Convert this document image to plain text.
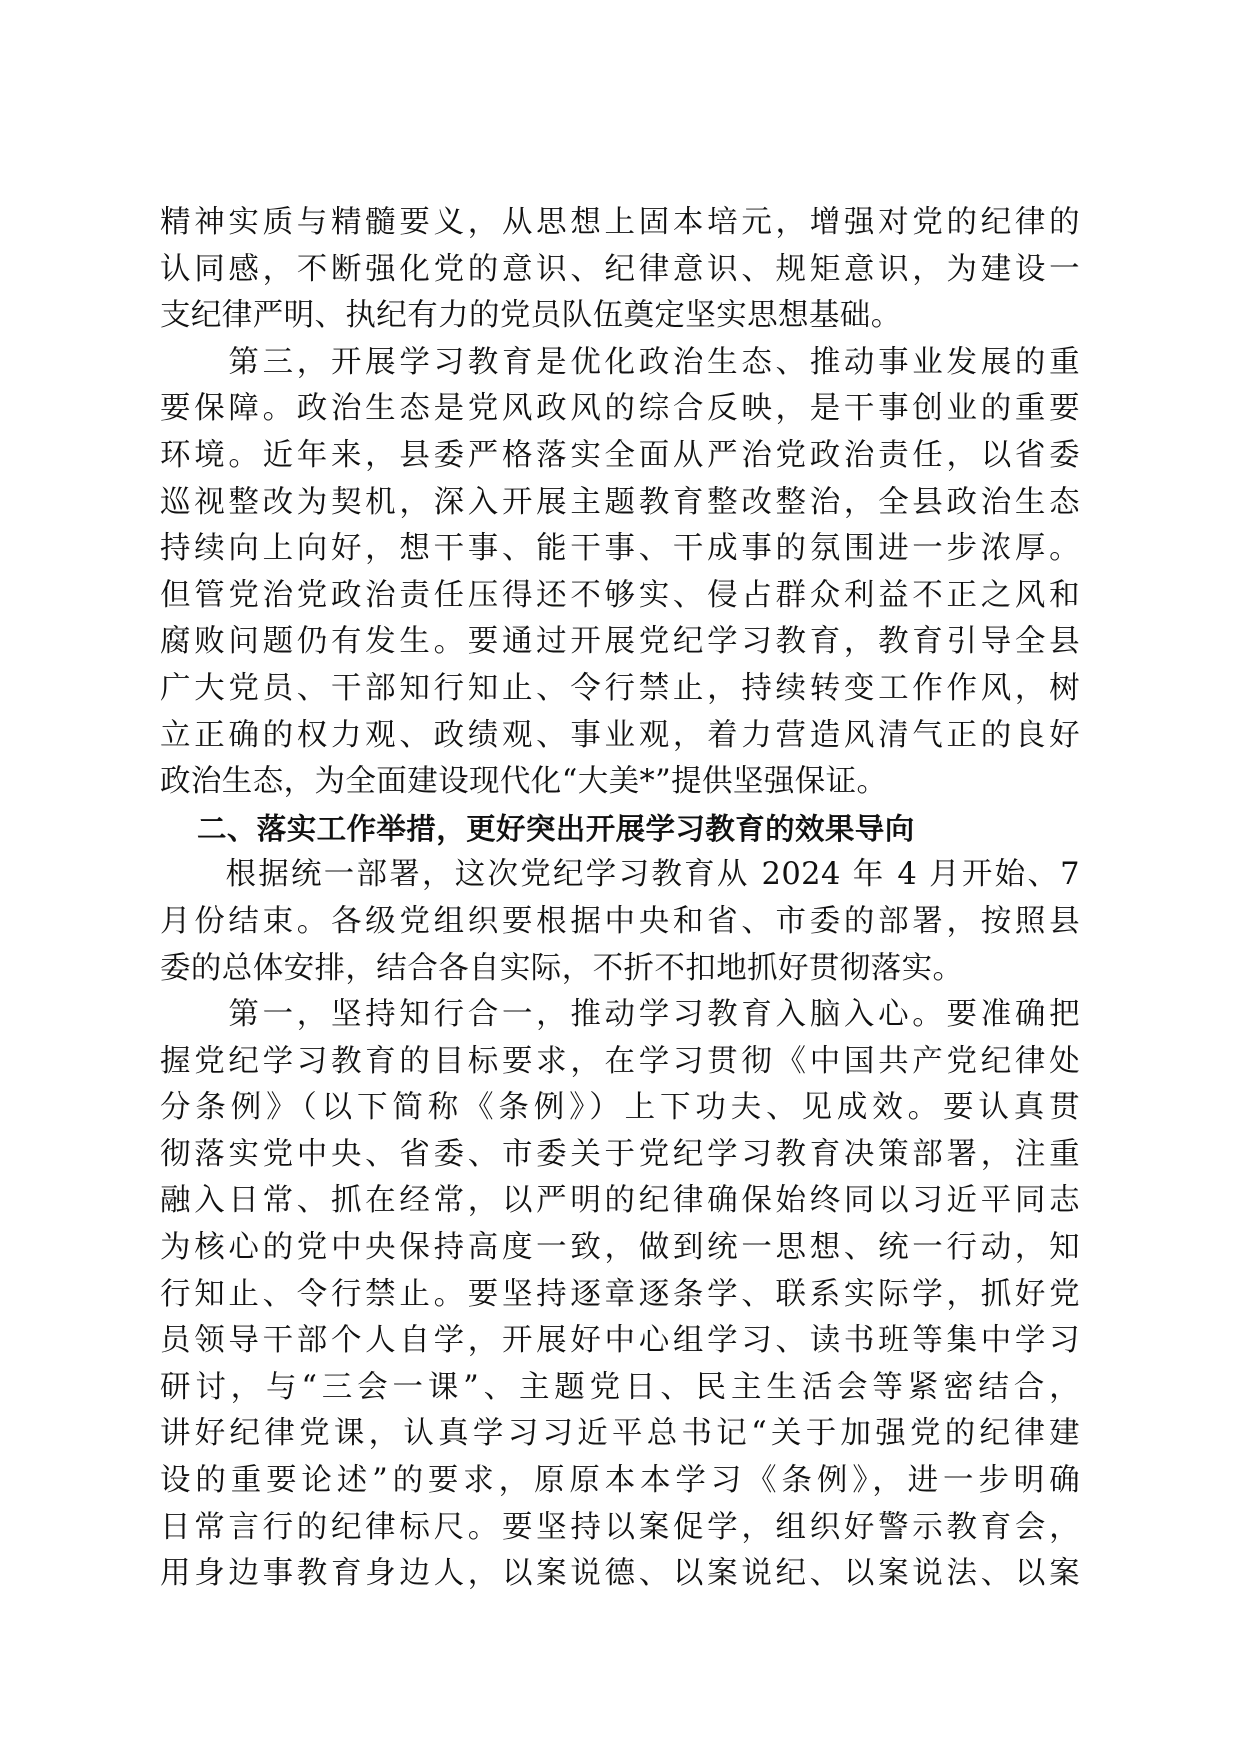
精神实质与精髓要义，从思想上固本培元，增强对党的纪律的
认同感，不断强化党的意识、纪律意识、规矩意识，为建设一
支纪律严明、执纪有力的党员队伍奠定坚实思想基础。
　　第三，开展学习教育是优化政治生态、推动事业发展的重
要保障。政治生态是党风政风的综合反映，是干事创业的重要
环境。近年来，县委严格落实全面从严治党政治责任，以省委
巡视整改为契机，深入开展主题教育整改整治，全县政治生态
持续向上向好，想干事、能干事、干成事的氛围进一步浓厚。
但管党治党政治责任压得还不够实、侵占群众利益不正之风和
腐败问题仍有发生。要通过开展党纪学习教育，教育引导全县
广大党员、干部知行知止、令行禁止，持续转变工作作风，树
立正确的权力观、政绩观、事业观，着力营造风清气正的良好
政治生态，为全面建设现代化“大美*”提供坚强保证。
二、落实工作举措，更好突出开展学习教育的效果导向
　　根据统一部署，这次党纪学习教育从 2024 年 4 月开始、7
月份结束。各级党组织要根据中央和省、市委的部署，按照县
委的总体安排，结合各自实际，不折不扣地抓好贯彻落实。
　　第一，坚持知行合一，推动学习教育入脑入心。要准确把
握党纪学习教育的目标要求，在学习贯彻《中国共产党纪律处
分条例》（以下简称《条例》）上下功夫、见成效。要认真贯
彻落实党中央、省委、市委关于党纪学习教育决策部署，注重
融入日常、抓在经常，以严明的纪律确保始终同以习近平同志
为核心的党中央保持高度一致，做到统一思想、统一行动，知
行知止、令行禁止。要坚持逐章逐条学、联系实际学，抓好党
员领导干部个人自学，开展好中心组学习、读书班等集中学习
研讨，与“三会一课”、主题党日、民主生活会等紧密结合，
讲好纪律党课，认真学习习近平总书记“关于加强党的纪律建
设的重要论述”的要求，原原本本学习《条例》，进一步明确
日常言行的纪律标尺。要坚持以案促学，组织好警示教育会，
用身边事教育身边人，以案说德、以案说纪、以案说法、以案
